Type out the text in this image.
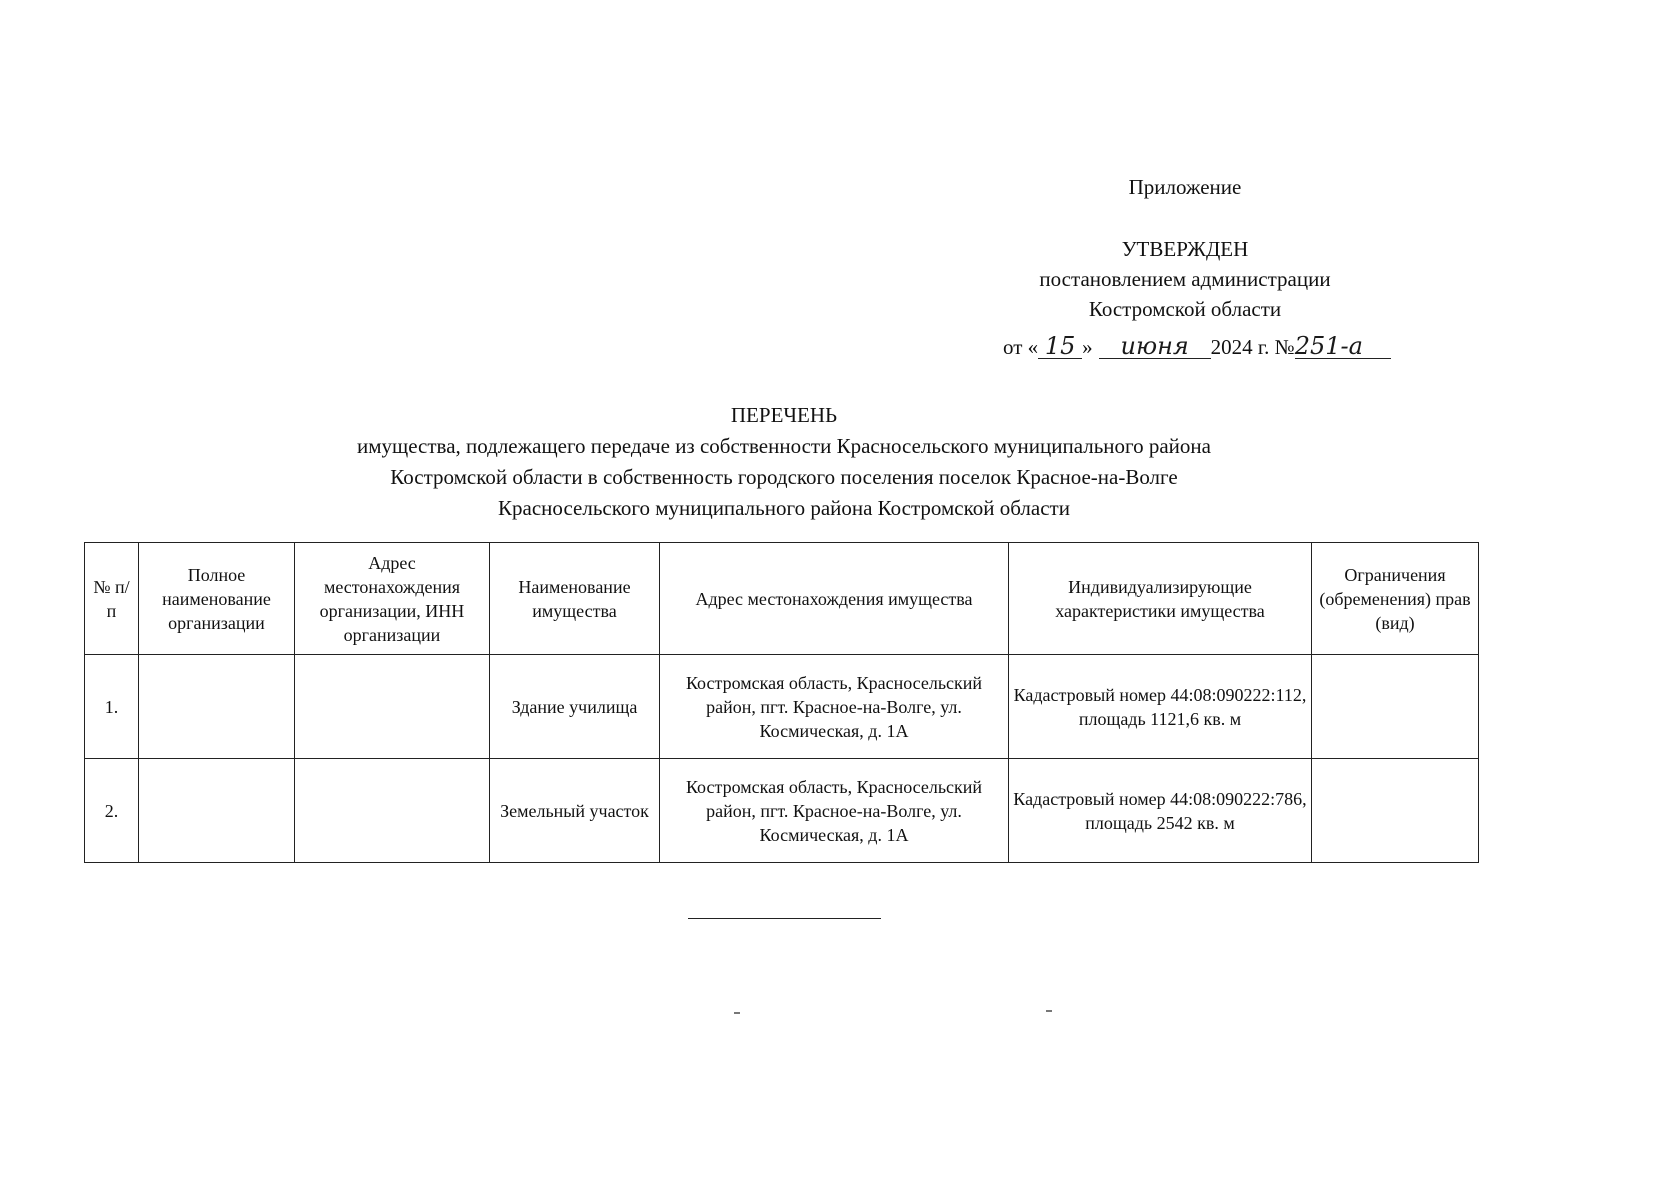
Приложение
УТВЕРЖДЕН
постановлением администрации
Костромской области
от « 15 » июня 2024 г. №251-а
ПЕРЕЧЕНЬ
имущества, подлежащего передаче из собственности Красносельского муниципального района
Костромской области в собственность городского поселения поселок Красное-на-Волге
Красносельского муниципального района Костромской области
№ п/п	Полное наименование организации	Адрес местонахождения организации, ИНН организации	Наименование имущества	Адрес местонахождения имущества	Индивидуализирующие характеристики имущества	Ограничения (обременения) прав (вид)
1.			Здание училища	Костромская область, Красносельский район, пгт. Красное-на-Волге, ул. Космическая, д. 1А	Кадастровый номер 44:08:090222:112, площадь 1121,6 кв. м	
2.			Земельный участок	Костромская область, Красносельский район, пгт. Красное-на-Волге, ул. Космическая, д. 1А	Кадастровый номер 44:08:090222:786, площадь 2542 кв. м	
